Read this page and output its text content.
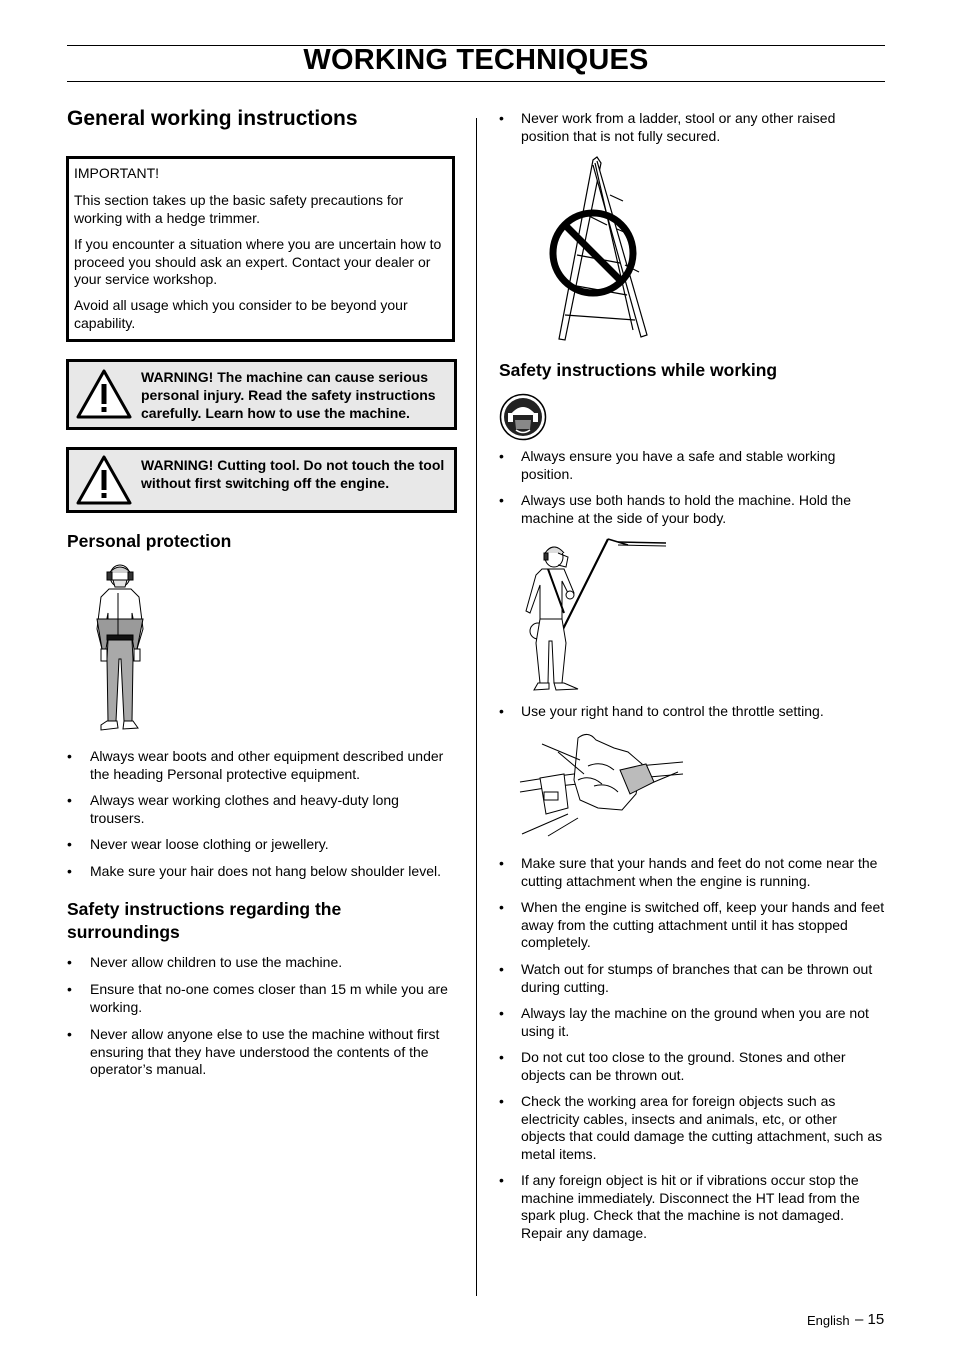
WORKING TECHNIQUES
General working instructions
IMPORTANT!
This section takes up the basic safety precautions for working with a hedge trimmer.
If you encounter a situation where you are uncertain how to proceed you should ask an expert. Contact your dealer or your service workshop.
Avoid all usage which you consider to be beyond your capability.
WARNING! The machine can cause serious personal injury. Read the safety instructions carefully. Learn how to use the machine.
WARNING! Cutting tool. Do not touch the tool without first switching off the engine.
Personal protection
•	Always wear boots and other equipment described under the heading Personal protective equipment.
•	Always wear working clothes and heavy-duty long trousers.
•	Never wear loose clothing or jewellery.
•	Make sure your hair does not hang below shoulder level.
Safety instructions regarding the surroundings
•	Never allow children to use the machine.
•	Ensure that no-one comes closer than 15 m while you are working.
•	Never allow anyone else to use the machine without first ensuring that they have understood the contents of the operator’s manual.
•	Never work from a ladder, stool or any other raised position that is not fully secured.
Safety instructions while working
•	Always ensure you have a safe and stable working position.
•	Always use both hands to hold the machine. Hold the machine at the side of your body.
•	Use your right hand to control the throttle setting.
•	Make sure that your hands and feet do not come near the cutting attachment when the engine is running.
•	When the engine is switched off, keep your hands and feet away from the cutting attachment until it has stopped completely.
•	Watch out for stumps of branches that can be thrown out during cutting.
•	Always lay the machine on the ground when you are not using it.
•	Do not cut too close to the ground. Stones and other objects can be thrown out.
•	Check the working area for foreign objects such as electricity cables, insects and animals, etc, or other objects that could damage the cutting attachment, such as metal items.
•	If any foreign object is hit or if vibrations occur stop the machine immediately. Disconnect the HT lead from the spark plug. Check that the machine is not damaged. Repair any damage.
English – 15
